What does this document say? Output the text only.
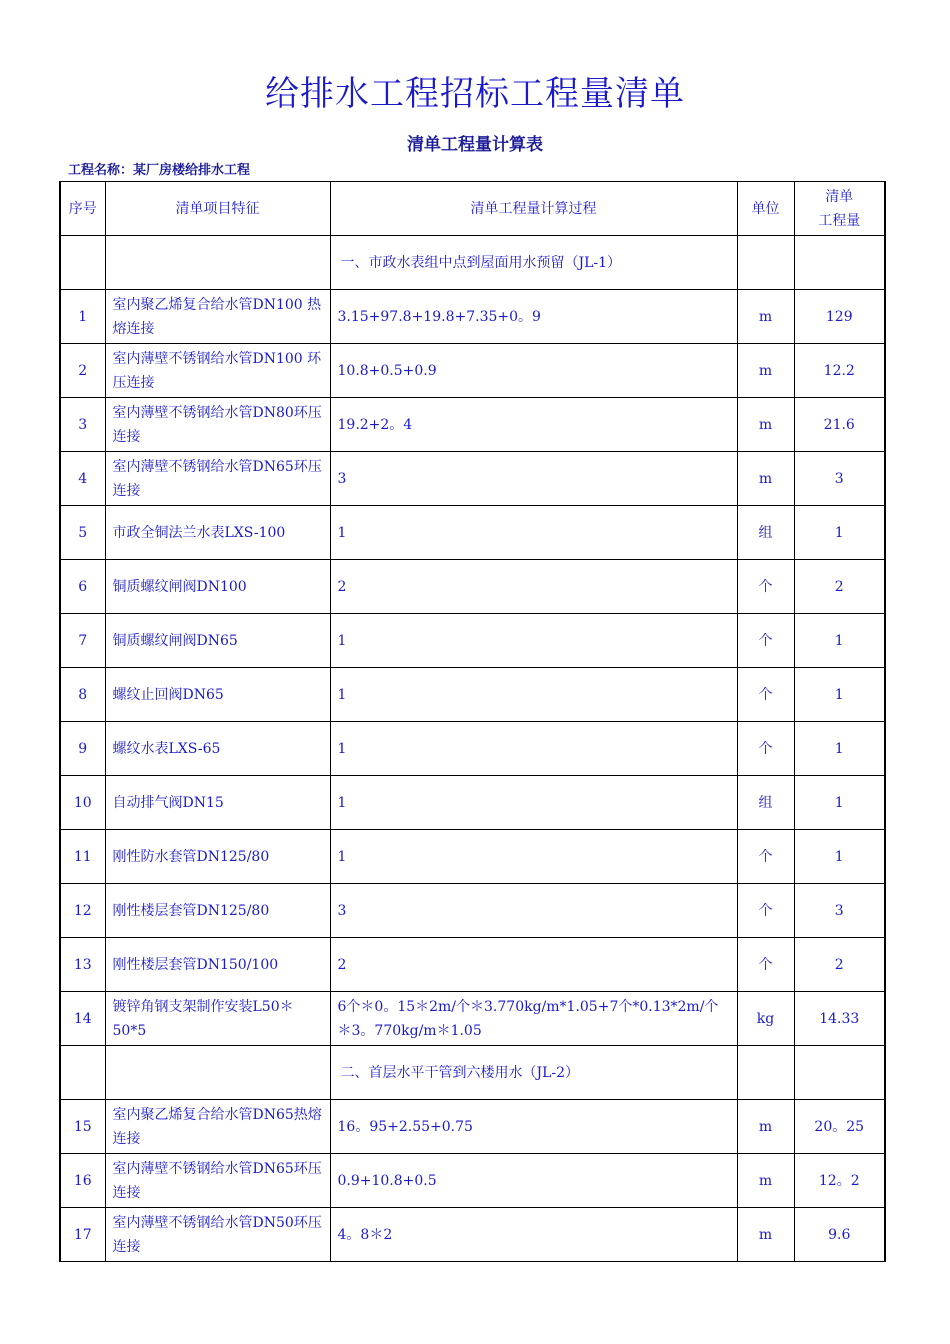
给排水工程招标工程量清单
清单工程量计算表
工程名称：某厂房楼给排水工程
序号	清单项目特征	清单工程量计算过程	单位	清单
工程量
		一、市政水表组中点到屋面用水预留（JL-1）		
1	室内聚乙烯复合给水管DN100 热熔连接	3.15+97.8+19.8+7.35+0。9	m	129
2	室内薄壁不锈钢给水管DN100 环压连接	10.8+0.5+0.9	m	12.2
3	室内薄壁不锈钢给水管DN80环压连接	19.2+2。4	m	21.6
4	室内薄壁不锈钢给水管DN65环压连接	3	m	3
5	市政全铜法兰水表LXS-100	1	组	1
6	铜质螺纹闸阀DN100	2	个	2
7	铜质螺纹闸阀DN65	1	个	1
8	螺纹止回阀DN65	1	个	1
9	螺纹水表LXS-65	1	个	1
10	自动排气阀DN15	1	组	1
11	刚性防水套管DN125/80	1	个	1
12	刚性楼层套管DN125/80	3	个	3
13	刚性楼层套管DN150/100	2	个	2
14	镀锌角钢支架制作安装L50＊50*5	6个＊0。15＊2m/个＊3.770kg/m*1.05+7个*0.13*2m/个＊3。770kg/m＊1.05	kg	14.33
		二、首层水平干管到六楼用水（JL-2）		
15	室内聚乙烯复合给水管DN65热熔连接	16。95+2.55+0.75	m	20。25
16	室内薄壁不锈钢给水管DN65环压连接	0.9+10.8+0.5	m	12。2
17	室内薄壁不锈钢给水管DN50环压连接	4。8＊2	m	9.6
